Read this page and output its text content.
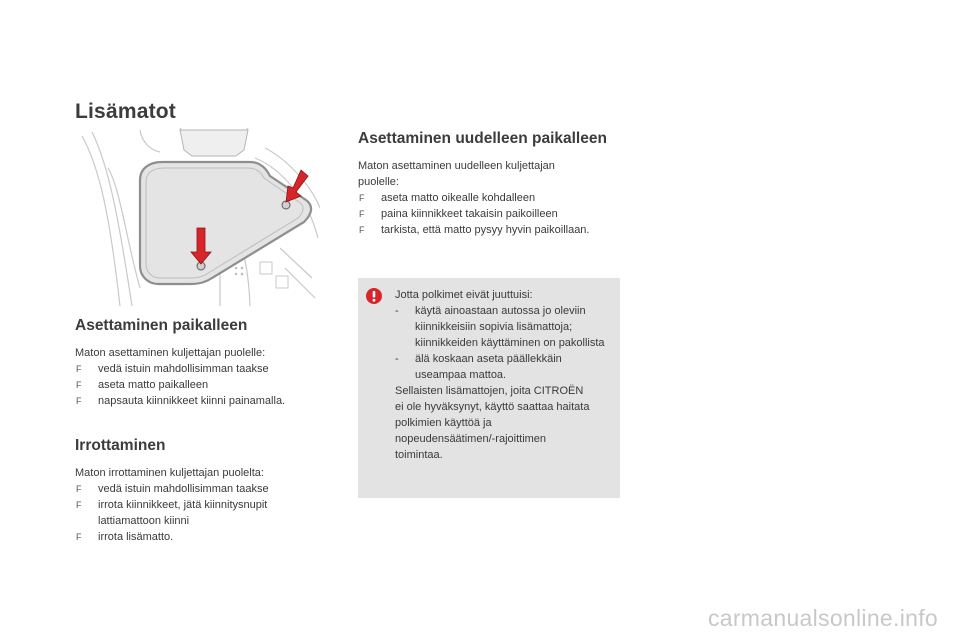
Lisämatot
Asettaminen paikalleen

Maton asettaminen kuljettajan puolelle:

F vedä istuin mahdollisimman taakse
F aseta matto paikalleen
F napsauta kiinnikkeet kiinni painamalla.
Irrottaminen

Maton irrottaminen kuljettajan puolelta:

F vedä istuin mahdollisimman taakse
F irrota kiinnikkeet, jätä kiinnitysnupit lattiamattoon kiinni
F irrota lisämatto.
Asettaminen uudelleen paikalleen

Maton asettaminen uudelleen kuljettajan puolelle:

F aseta matto oikealle kohdalleen
F paina kiinnikkeet takaisin paikoilleen
F tarkista, että matto pysyy hyvin paikoillaan.

Jotta polkimet eivät juuttuisi:

- käytä ainoastaan autossa jo oleviin kiinnikkeisiin sopivia lisämattoja; kiinnikkeiden käyttäminen on pakollista
- älä koskaan aseta päällekkäin useampaa mattoa.

Sellaisten lisämattojen, joita CITROËN ei ole hyväksynyt, käyttö saattaa haitata polkimien käyttöä ja nopeudensäätimen/-rajoittimen toimintaa.

carmanualsonline.info
